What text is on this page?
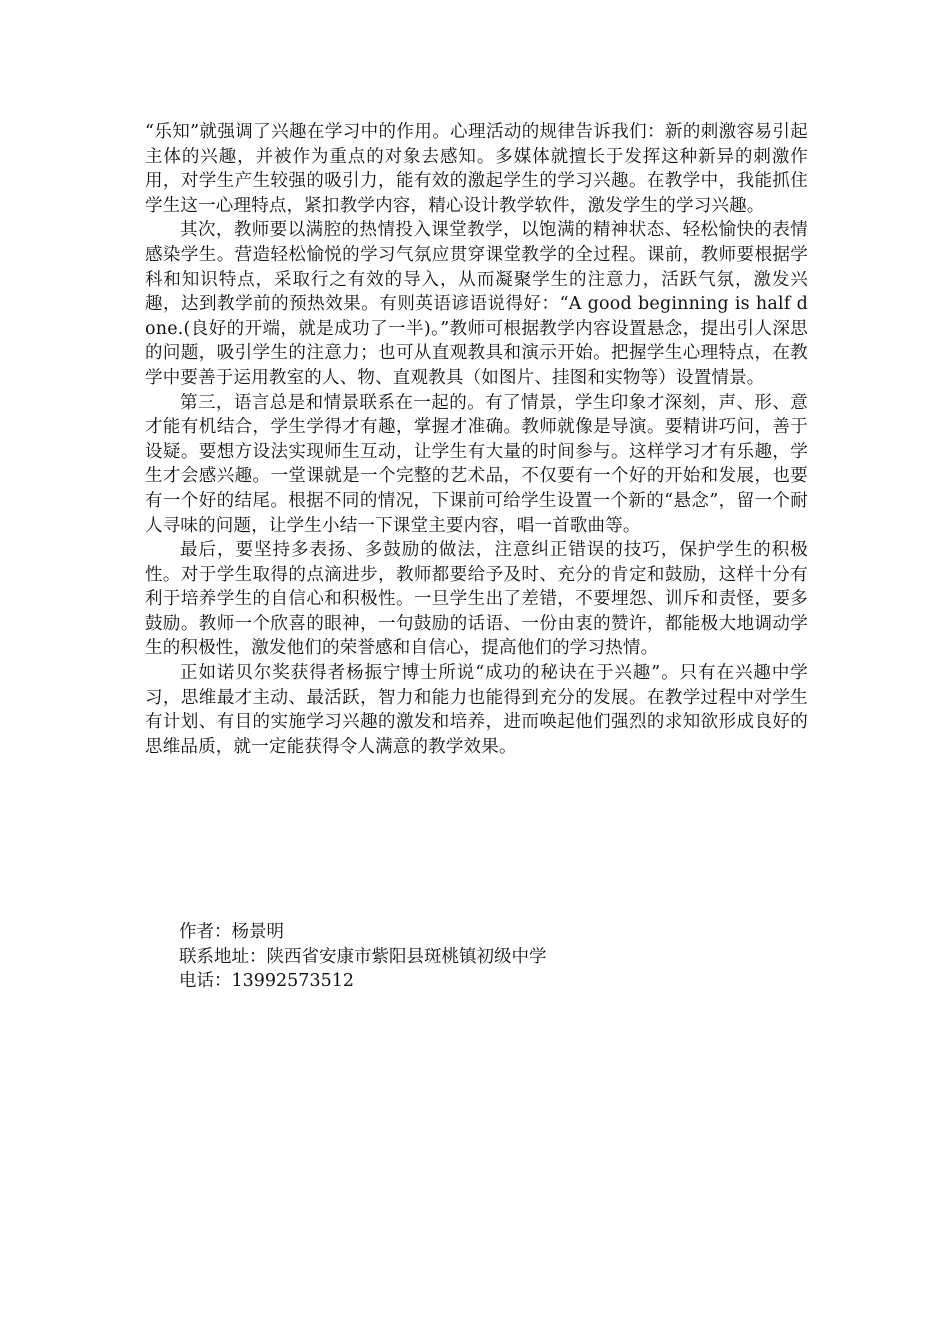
“乐知”就强调了兴趣在学习中的作用。心理活动的规律告诉我们：新的刺激容易引起主体的兴趣，并被作为重点的对象去感知。多媒体就擅长于发挥这种新异的刺激作用，对学生产生较强的吸引力，能有效的激起学生的学习兴趣。在教学中，我能抓住学生这一心理特点，紧扣教学内容，精心设计教学软件，激发学生的学习兴趣。

其次，教师要以满腔的热情投入课堂教学，以饱满的精神状态、轻松愉快的表情感染学生。营造轻松愉悦的学习气氛应贯穿课堂教学的全过程。课前，教师要根据学科和知识特点，采取行之有效的导入，从而凝聚学生的注意力，活跃气氛，激发兴趣，达到教学前的预热效果。有则英语谚语说得好：“A good beginning is half done.(良好的开端，就是成功了一半)。”教师可根据教学内容设置悬念，提出引人深思的问题，吸引学生的注意力；也可从直观教具和演示开始。把握学生心理特点，在教学中要善于运用教室的人、物、直观教具（如图片、挂图和实物等）设置情景。

第三，语言总是和情景联系在一起的。有了情景，学生印象才深刻，声、形、意才能有机结合，学生学得才有趣，掌握才准确。教师就像是导演。要精讲巧问，善于设疑。要想方设法实现师生互动，让学生有大量的时间参与。这样学习才有乐趣，学生才会感兴趣。一堂课就是一个完整的艺术品，不仅要有一个好的开始和发展，也要有一个好的结尾。根据不同的情况，下课前可给学生设置一个新的“悬念”，留一个耐人寻味的问题，让学生小结一下课堂主要内容，唱一首歌曲等。

最后，要坚持多表扬、多鼓励的做法，注意纠正错误的技巧，保护学生的积极性。对于学生取得的点滴进步，教师都要给予及时、充分的肯定和鼓励，这样十分有利于培养学生的自信心和积极性。一旦学生出了差错，不要埋怨、训斥和责怪，要多鼓励。教师一个欣喜的眼神，一句鼓励的话语、一份由衷的赞许，都能极大地调动学生的积极性，激发他们的荣誉感和自信心，提高他们的学习热情。

正如诺贝尔奖获得者杨振宁博士所说“成功的秘诀在于兴趣”。只有在兴趣中学习，思维最才主动、最活跃，智力和能力也能得到充分的发展。在教学过程中对学生有计划、有目的实施学习兴趣的激发和培养，进而唤起他们强烈的求知欲形成良好的思维品质，就一定能获得令人满意的教学效果。

作者：杨景明

联系地址：陕西省安康市紫阳县斑桃镇初级中学

电话：13992573512
